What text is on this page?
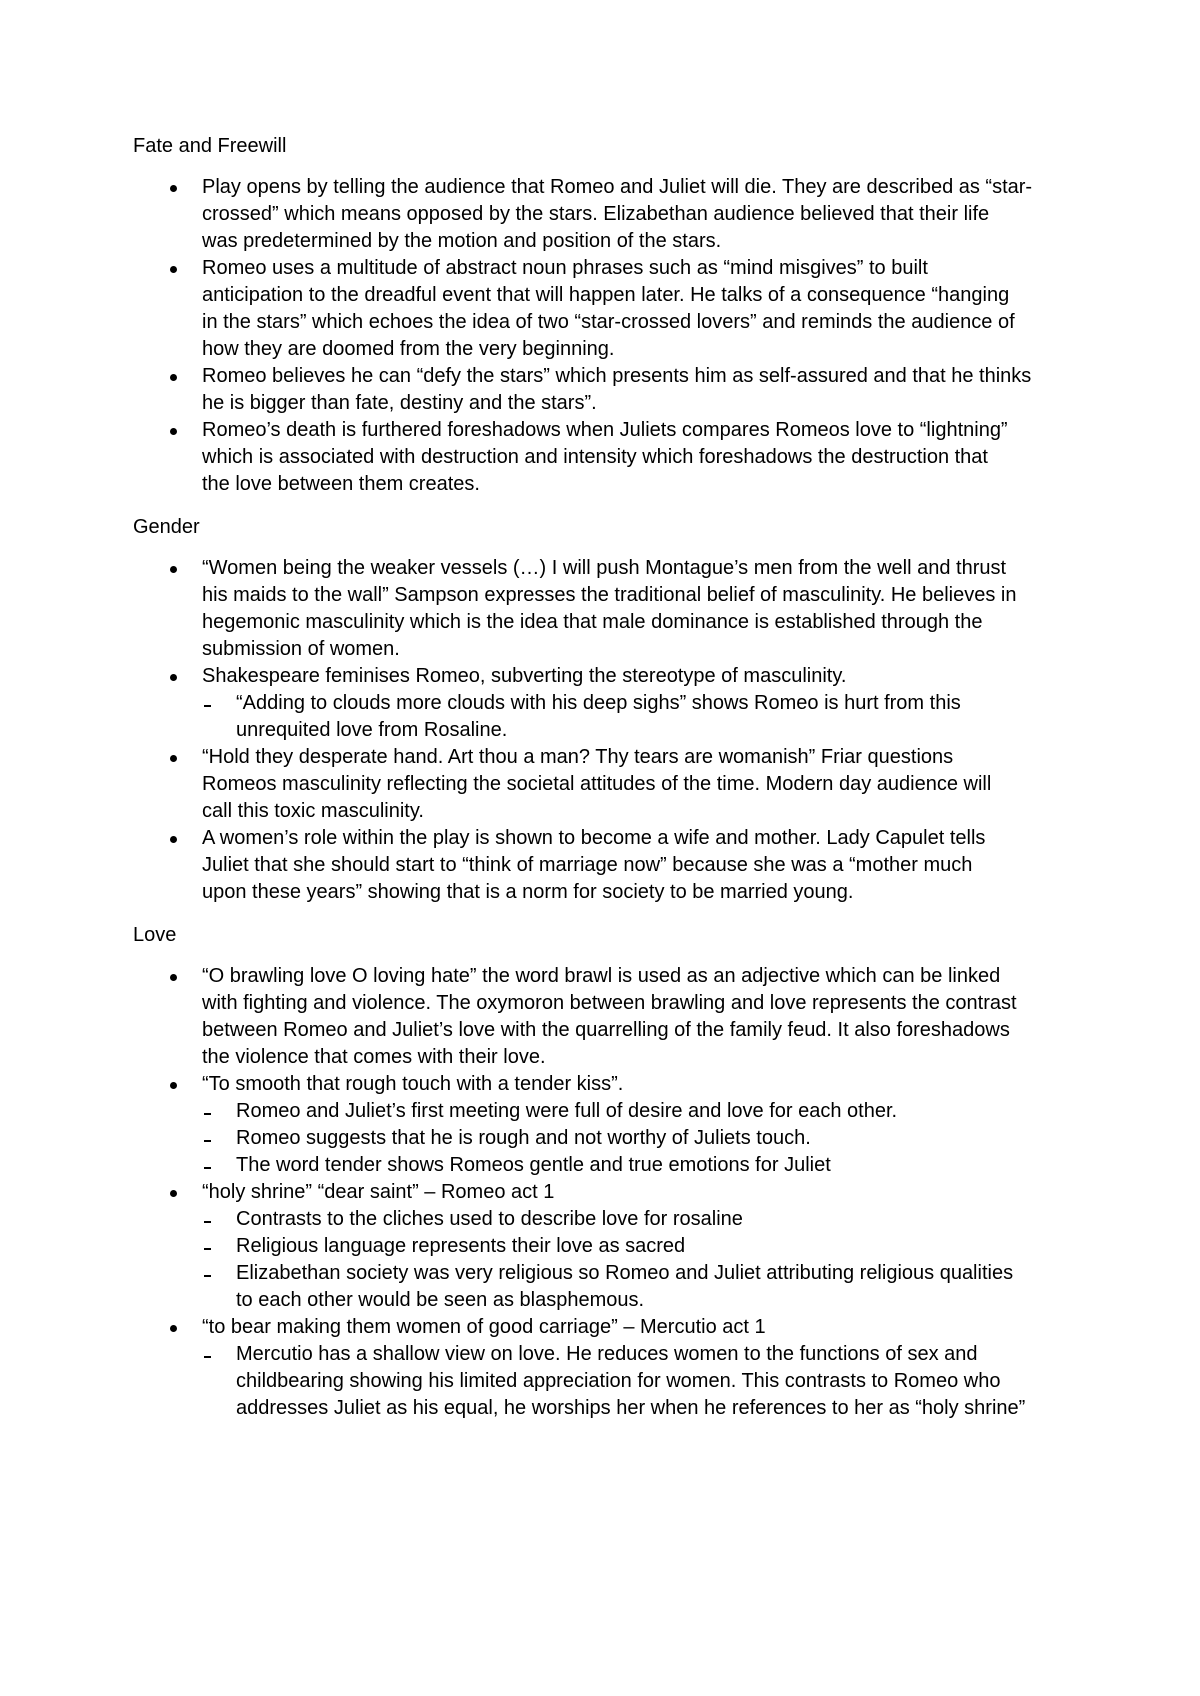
Fate and Freewill
Play opens by telling the audience that Romeo and Juliet will die. They are described as “star-
crossed” which means opposed by the stars. Elizabethan audience believed that their life
was predetermined by the motion and position of the stars.
Romeo uses a multitude of abstract noun phrases such as “mind misgives” to built
anticipation to the dreadful event that will happen later. He talks of a consequence “hanging
in the stars” which echoes the idea of two “star-crossed lovers” and reminds the audience of
how they are doomed from the very beginning.
Romeo believes he can “defy the stars” which presents him as self-assured and that he thinks
he is bigger than fate, destiny and the stars”.
Romeo’s death is furthered foreshadows when Juliets compares Romeos love to “lightning”
which is associated with destruction and intensity which foreshadows the destruction that
the love between them creates.
Gender
“Women being the weaker vessels (…) I will push Montague’s men from the well and thrust
his maids to the wall” Sampson expresses the traditional belief of masculinity. He believes in
hegemonic masculinity which is the idea that male dominance is established through the
submission of women.
Shakespeare feminises Romeo, subverting the stereotype of masculinity.
“Adding to clouds more clouds with his deep sighs” shows Romeo is hurt from this
unrequited love from Rosaline.
“Hold they desperate hand. Art thou a man? Thy tears are womanish” Friar questions
Romeos masculinity reflecting the societal attitudes of the time. Modern day audience will
call this toxic masculinity.
A women’s role within the play is shown to become a wife and mother. Lady Capulet tells
Juliet that she should start to “think of marriage now” because she was a “mother much
upon these years” showing that is a norm for society to be married young.
Love
“O brawling love O loving hate” the word brawl is used as an adjective which can be linked
with fighting and violence. The oxymoron between brawling and love represents the contrast
between Romeo and Juliet’s love with the quarrelling of the family feud. It also foreshadows
the violence that comes with their love.
“To smooth that rough touch with a tender kiss”.
Romeo and Juliet’s first meeting were full of desire and love for each other.
Romeo suggests that he is rough and not worthy of Juliets touch.
The word tender shows Romeos gentle and true emotions for Juliet
“holy shrine” “dear saint” – Romeo act 1
Contrasts to the cliches used to describe love for rosaline
Religious language represents their love as sacred
Elizabethan society was very religious so Romeo and Juliet attributing religious qualities
to each other would be seen as blasphemous.
“to bear making them women of good carriage” – Mercutio act 1
Mercutio has a shallow view on love. He reduces women to the functions of sex and
childbearing showing his limited appreciation for women. This contrasts to Romeo who
addresses Juliet as his equal, he worships her when he references to her as “holy shrine”
